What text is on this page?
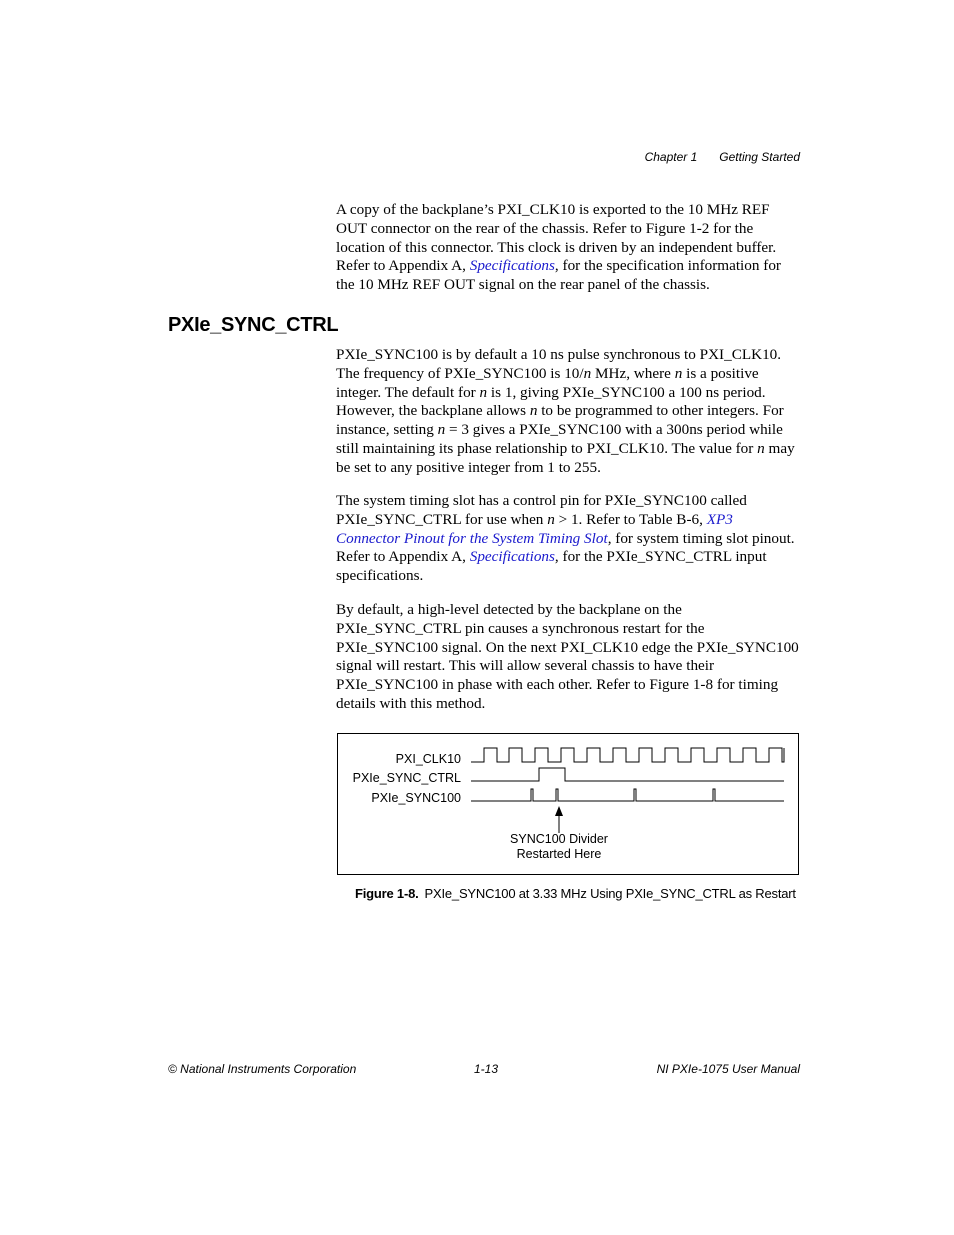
Chapter 1 Getting Started

A copy of the backplane’s PXI_CLK10 is exported to the 10 MHz REF OUT connector on the rear of the chassis. Refer to Figure 1-2 for the location of this connector. This clock is driven by an independent buffer. Refer to Appendix A, Specifications, for the specification information for the 10 MHz REF OUT signal on the rear panel of the chassis.

PXIe_SYNC_CTRL

PXIe_SYNC100 is by default a 10 ns pulse synchronous to PXI_CLK10. The frequency of PXIe_SYNC100 is 10/n MHz, where n is a positive integer. The default for n is 1, giving PXIe_SYNC100 a 100 ns period. However, the backplane allows n to be programmed to other integers. For instance, setting n = 3 gives a PXIe_SYNC100 with a 300ns period while still maintaining its phase relationship to PXI_CLK10. The value for n may be set to any positive integer from 1 to 255.

The system timing slot has a control pin for PXIe_SYNC100 called PXIe_SYNC_CTRL for use when n > 1. Refer to Table B-6, XP3 Connector Pinout for the System Timing Slot, for system timing slot pinout. Refer to Appendix A, Specifications, for the PXIe_SYNC_CTRL input specifications.

By default, a high-level detected by the backplane on the PXIe_SYNC_CTRL pin causes a synchronous restart for the PXIe_SYNC100 signal. On the next PXI_CLK10 edge the PXIe_SYNC100 signal will restart. This will allow several chassis to have their PXIe_SYNC100 in phase with each other. Refer to Figure 1-8 for timing details with this method.

PXI_CLK10
PXIe_SYNC_CTRL
PXIe_SYNC100
SYNC100 Divider
Restarted Here
Figure 1-8. PXIe_SYNC100 at 3.33 MHz Using PXIe_SYNC_CTRL as Restart
© National Instruments Corporation	1-13	NI PXIe-1075 User Manual
